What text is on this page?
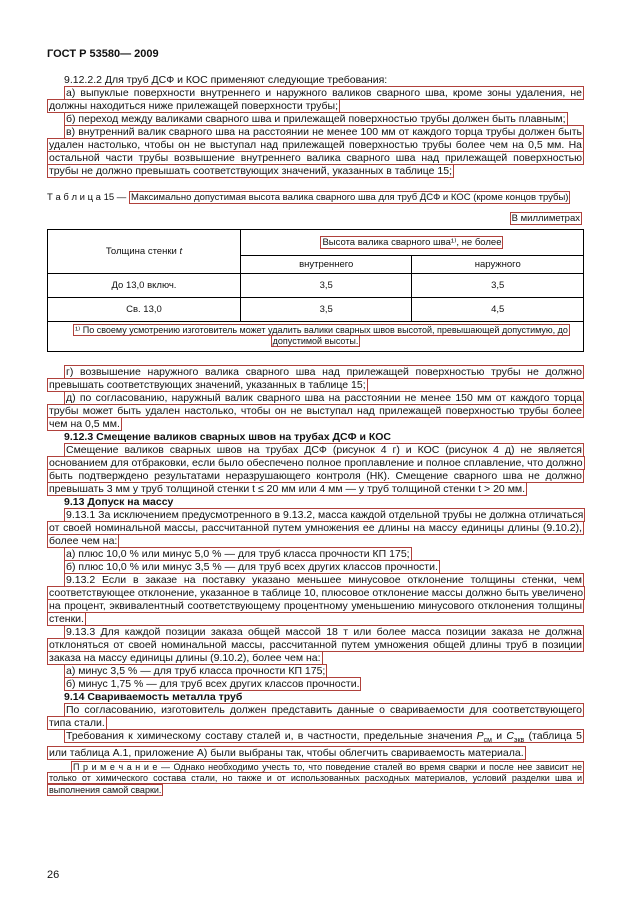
ГОСТ Р 53580— 2009

9.12.2.2 Для труб ДСФ и КОС применяют следующие требования:

а) выпуклые поверхности внутреннего и наружного валиков сварного шва, кроме зоны удаления, не должны находиться ниже прилежащей поверхности трубы;

б) переход между валиками сварного шва и прилежащей поверхностью трубы должен быть плавным;

в) внутренний валик сварного шва на расстоянии не менее 100 мм от каждого торца трубы должен быть удален настолько, чтобы он не выступал над прилежащей поверхностью трубы более чем на 0,5 мм. На остальной части трубы возвышение внутреннего валика сварного шва над прилежащей поверхностью трубы не должно превышать соответствующих значений, указанных в таблице 15;

Т а б л и ц а 15 — Максимально допустимая высота валика сварного шва для труб ДСФ и КОС (кроме концов трубы)

В миллиметрах

Толщина стенки t	Высота валика сварного шва¹⁾, не более	
	внутреннего	наружного
До 13,0 включ.	3,5	3,5
Св. 13,0	3,5	4,5
¹⁾ По своему усмотрению изготовитель может удалить валики сварных швов высотой, превышающей допустимую, до допустимой высоты.		

г) возвышение наружного валика сварного шва над прилежащей поверхностью трубы не должно превышать соответствующих значений, указанных в таблице 15;

д) по согласованию, наружный валик сварного шва на расстоянии не менее 150 мм от каждого торца трубы может быть удален настолько, чтобы он не выступал над прилежащей поверхностью трубы более чем на 0,5 мм.

9.12.3 Смещение валиков сварных швов на трубах ДСФ и КОС

Смещение валиков сварных швов на трубах ДСФ (рисунок 4 г) и КОС (рисунок 4 д) не является основанием для отбраковки, если было обеспечено полное проплавление и полное сплавление, что должно быть подтверждено результатами неразрушающего контроля (НК). Смещение сварного шва не должно превышать 3 мм у труб толщиной стенки t ≤ 20 мм или 4 мм — у труб толщиной стенки t > 20 мм.

9.13 Допуск на массу

9.13.1 За исключением предусмотренного в 9.13.2, масса каждой отдельной трубы не должна отличаться от своей номинальной массы, рассчитанной путем умножения ее длины на массу единицы длины (9.10.2), более чем на:

а) плюс 10,0 % или минус 5,0 % — для труб класса прочности КП 175;

б) плюс 10,0 % или минус 3,5 % — для труб всех других классов прочности.

9.13.2 Если в заказе на поставку указано меньшее минусовое отклонение толщины стенки, чем соответствующее отклонение, указанное в таблице 10, плюсовое отклонение массы должно быть увеличено на процент, эквивалентный соответствующему процентному уменьшению минусового отклонения толщины стенки.

9.13.3 Для каждой позиции заказа общей массой 18 т или более масса позиции заказа не должна отклоняться от своей номинальной массы, рассчитанной путем умножения общей длины труб в позиции заказа на массу единицы длины (9.10.2), более чем на:

а) минус 3,5 % — для труб класса прочности КП 175;

б) минус 1,75 % — для труб всех других классов прочности.

9.14 Свариваемость металла труб

По согласованию, изготовитель должен представить данные о свариваемости для соответствующего типа стали.

Требования к химическому составу сталей и, в частности, предельные значения $Р_{см}$ и $С_{экв}$ (таблица 5 или таблица А.1, приложение А) были выбраны так, чтобы облегчить свариваемость материала.

П р и м е ч а н и е — Однако необходимо учесть то, что поведение сталей во время сварки и после нее зависит не только от химического состава стали, но также и от использованных расходных материалов, условий разделки шва и выполнения самой сварки.

26
